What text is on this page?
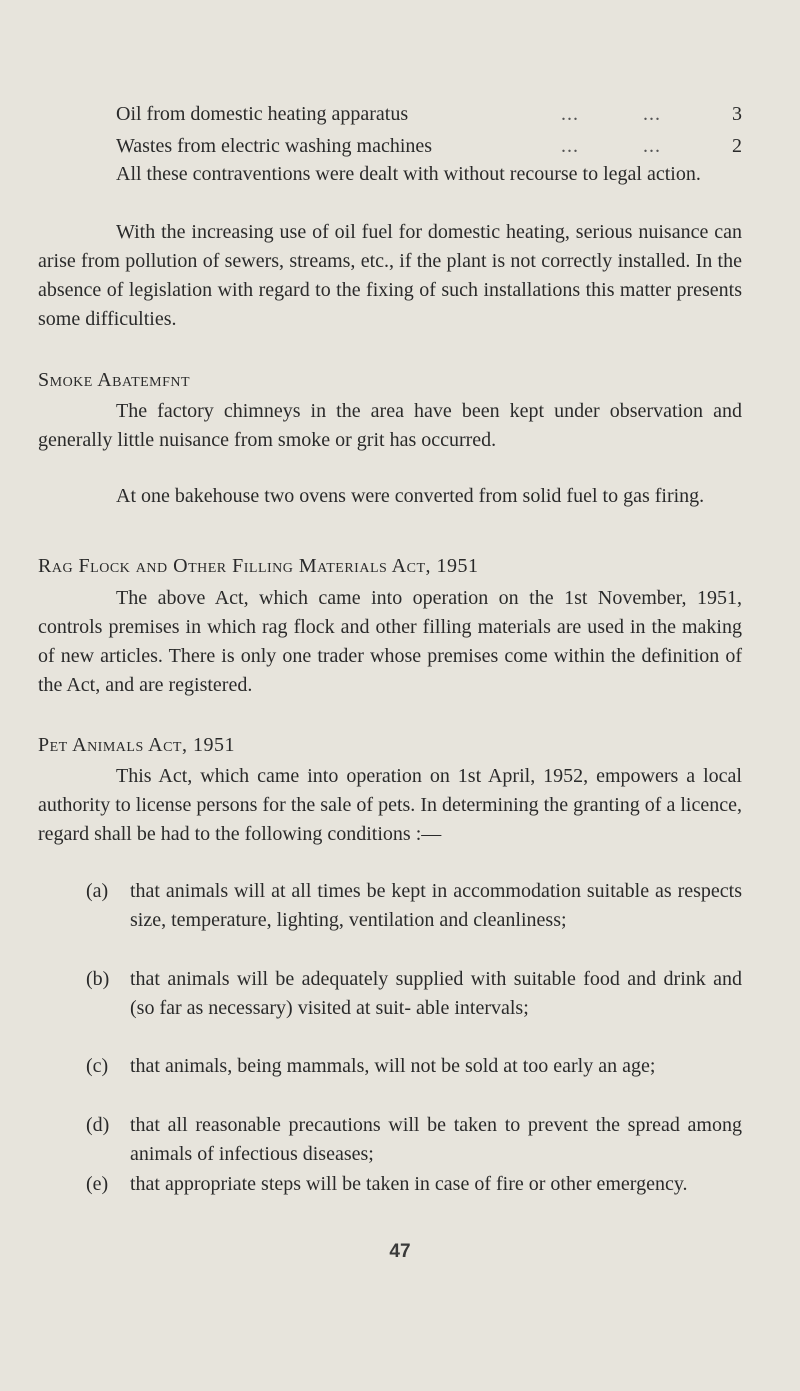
Oil from domestic heating apparatus	...	...	3
Wastes from electric washing machines	...	...	2

All these contraventions were dealt with without recourse to legal action.

With the increasing use of oil fuel for domestic heating, serious nuisance can arise from pollution of sewers, streams, etc., if the plant is not correctly installed. In the absence of legislation with regard to the fixing of such installations this matter presents some difficulties.

Smoke Abatemfnt

The factory chimneys in the area have been kept under observation and generally little nuisance from smoke or grit has occurred.

At one bakehouse two ovens were converted from solid fuel to gas firing.

Rag Flock and Other Filling Materials Act, 1951

The above Act, which came into operation on the 1st November, 1951, controls premises in which rag flock and other filling materials are used in the making of new articles. There is only one trader whose premises come within the definition of the Act, and are registered.

Pet Animals Act, 1951

This Act, which came into operation on 1st April, 1952, empowers a local authority to license persons for the sale of pets. In determining the granting of a licence, regard shall be had to the following conditions :—

(a) that animals will at all times be kept in accommodation suitable as respects size, temperature, lighting, ventilation and cleanliness;
(b) that animals will be adequately supplied with suitable food and drink and (so far as necessary) visited at suit- able intervals;
(c) that animals, being mammals, will not be sold at too early an age;
(d) that all reasonable precautions will be taken to prevent the spread among animals of infectious diseases;
(e) that appropriate steps will be taken in case of fire or other emergency.
47
